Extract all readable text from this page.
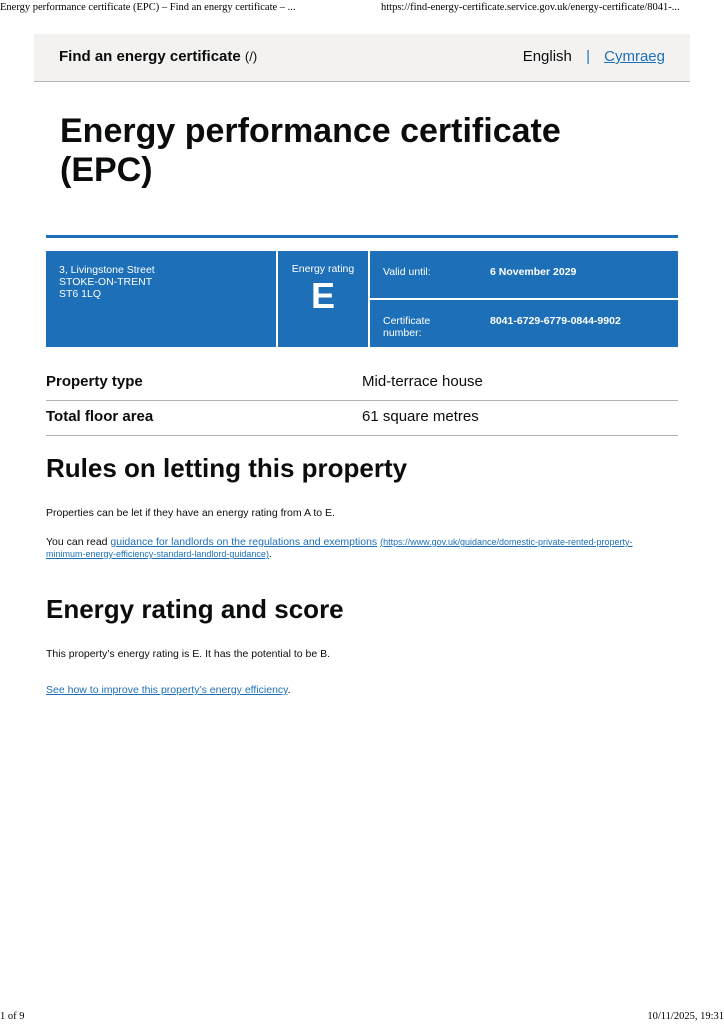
Energy performance certificate (EPC) – Find an energy certificate – ...	https://find-energy-certificate.service.gov.uk/energy-certificate/8041-...
Find an energy certificate (/)	English | Cymraeg
Energy performance certificate
(EPC)
3, Livingstone Street
STOKE-ON-TRENT
ST6 1LQ
Energy rating
E
Valid until:	6 November 2029
Certificate number:
8041-6729-6779-0844-9902
Property type	Mid-terrace house
Total floor area	61 square metres
Rules on letting this property

Properties can be let if they have an energy rating from A to E.

You can read guidance for landlords on the regulations and exemptions (https://www.gov.uk/guidance/domestic-private-rented-property-minimum-energy-efficiency-standard-landlord-guidance).

Energy rating and score

This property’s energy rating is E. It has the potential to be B.

See how to improve this property’s energy efficiency.

1 of 9	10/11/2025, 19:31
